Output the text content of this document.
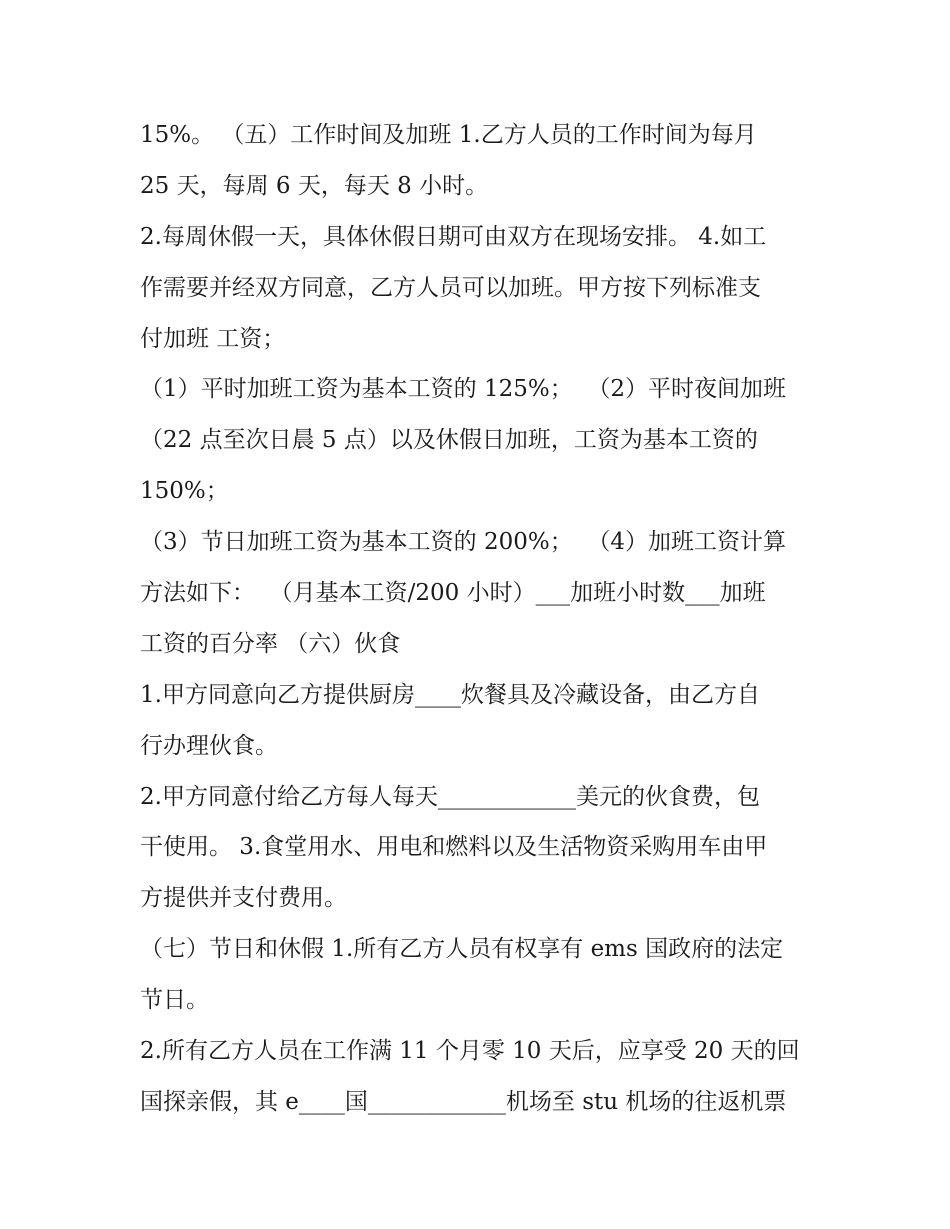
15%。 （五）工作时间及加班 1.乙方人员的工作时间为每月
25 天，每周 6 天，每天 8 小时。
2.每周休假一天，具体休假日期可由双方在现场安排。 4.如工
作需要并经双方同意，乙方人员可以加班。甲方按下列标准支
付加班 工资；
（1）平时加班工资为基本工资的 125%；  （2）平时夜间加班
（22 点至次日晨 5 点）以及休假日加班，工资为基本工资的
150%；
（3）节日加班工资为基本工资的 200%；  （4）加班工资计算
方法如下：  （月基本工资/200 小时）___加班小时数___加班
工资的百分率 （六）伙食
1.甲方同意向乙方提供厨房____炊餐具及冷藏设备，由乙方自
行办理伙食。
2.甲方同意付给乙方每人每天____________美元的伙食费，包
干使用。 3.食堂用水、用电和燃料以及生活物资采购用车由甲
方提供并支付费用。
（七）节日和休假 1.所有乙方人员有权享有 ems 国政府的法定
节日。
2.所有乙方人员在工作满 11 个月零 10 天后，应享受 20 天的回
国探亲假，其 e____国____________机场至 stu 机场的往返机票
